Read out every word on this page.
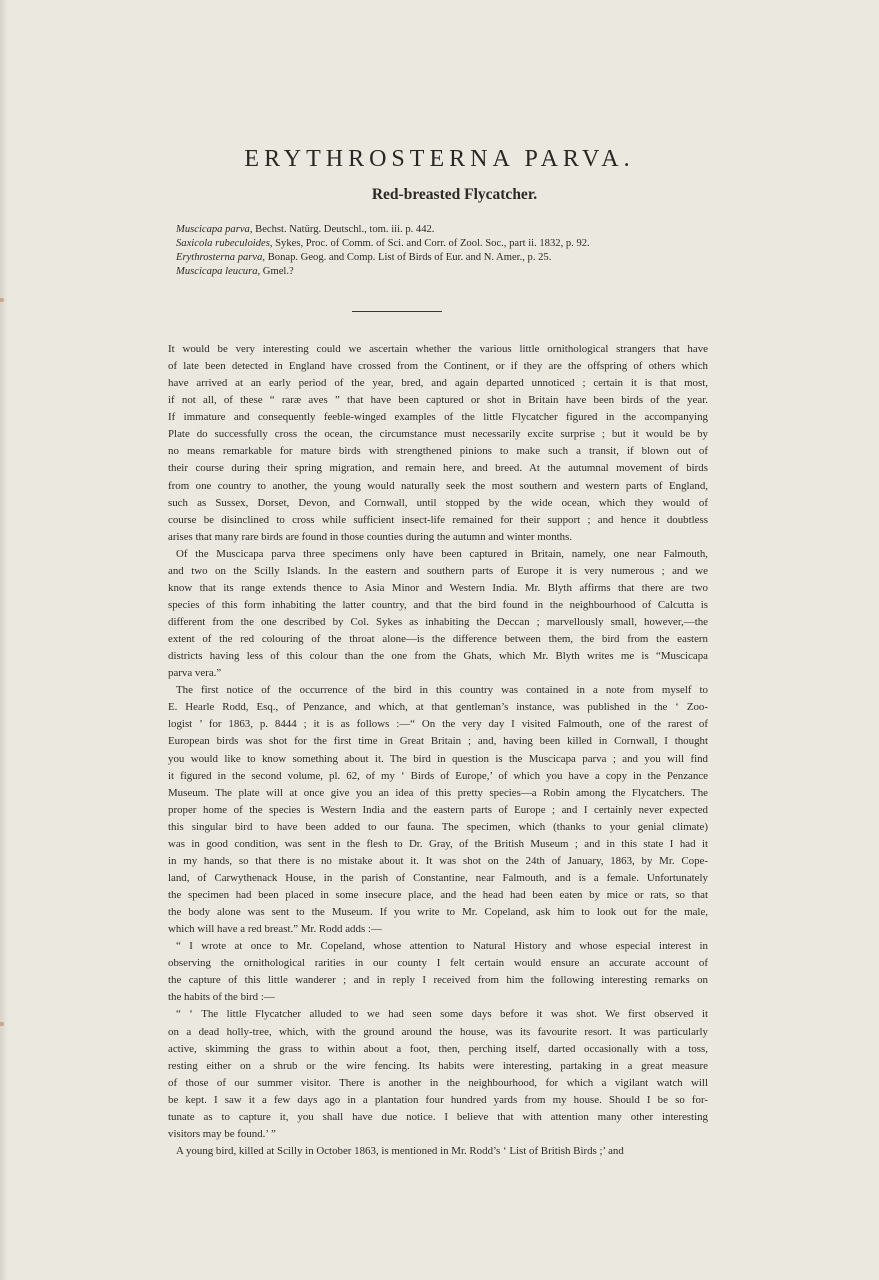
ERYTHROSTERNA PARVA.
Red-breasted Flycatcher.
Muscicapa parva, Bechst. Natürg. Deutschl., tom. iii. p. 442.
Saxicola rubeculoides, Sykes, Proc. of Comm. of Sci. and Corr. of Zool. Soc., part ii. 1832, p. 92.
Erythrosterna parva, Bonap. Geog. and Comp. List of Birds of Eur. and N. Amer., p. 25.
Muscicapa leucura, Gmel.?
It would be very interesting could we ascertain whether the various little ornithological strangers that have
of late been detected in England have crossed from the Continent, or if they are the offspring of others which
have arrived at an early period of the year, bred, and again departed unnoticed ; certain it is that most,
if not all, of these “ raræ aves ” that have been captured or shot in Britain have been birds of the year.
If immature and consequently feeble-winged examples of the little Flycatcher figured in the accompanying
Plate do successfully cross the ocean, the circumstance must necessarily excite surprise ; but it would be by
no means remarkable for mature birds with strengthened pinions to make such a transit, if blown out of
their course during their spring migration, and remain here, and breed. At the autumnal movement of birds
from one country to another, the young would naturally seek the most southern and western parts of England,
such as Sussex, Dorset, Devon, and Cornwall, until stopped by the wide ocean, which they would of
course be disinclined to cross while sufficient insect-life remained for their support ; and hence it doubtless
arises that many rare birds are found in those counties during the autumn and winter months.
Of the Muscicapa parva three specimens only have been captured in Britain, namely, one near Falmouth,
and two on the Scilly Islands. In the eastern and southern parts of Europe it is very numerous ; and we
know that its range extends thence to Asia Minor and Western India. Mr. Blyth affirms that there are two
species of this form inhabiting the latter country, and that the bird found in the neighbourhood of Calcutta is
different from the one described by Col. Sykes as inhabiting the Deccan ; marvellously small, however,—the
extent of the red colouring of the throat alone—is the difference between them, the bird from the eastern
districts having less of this colour than the one from the Ghats, which Mr. Blyth writes me is “Muscicapa
parva vera.”
The first notice of the occurrence of the bird in this country was contained in a note from myself to
E. Hearle Rodd, Esq., of Penzance, and which, at that gentleman’s instance, was published in the ‘ Zoo-
logist ’ for 1863, p. 8444 ; it is as follows :—“ On the very day I visited Falmouth, one of the rarest of
European birds was shot for the first time in Great Britain ; and, having been killed in Cornwall, I thought
you would like to know something about it. The bird in question is the Muscicapa parva ; and you will find
it figured in the second volume, pl. 62, of my ‘ Birds of Europe,’ of which you have a copy in the Penzance
Museum. The plate will at once give you an idea of this pretty species—a Robin among the Flycatchers. The
proper home of the species is Western India and the eastern parts of Europe ; and I certainly never expected
this singular bird to have been added to our fauna. The specimen, which (thanks to your genial climate)
was in good condition, was sent in the flesh to Dr. Gray, of the British Museum ; and in this state I had it
in my hands, so that there is no mistake about it. It was shot on the 24th of January, 1863, by Mr. Cope-
land, of Carwythenack House, in the parish of Constantine, near Falmouth, and is a female. Unfortunately
the specimen had been placed in some insecure place, and the head had been eaten by mice or rats, so that
the body alone was sent to the Museum. If you write to Mr. Copeland, ask him to look out for the male,
which will have a red breast.” Mr. Rodd adds :—
“ I wrote at once to Mr. Copeland, whose attention to Natural History and whose especial interest in
observing the ornithological rarities in our county I felt certain would ensure an accurate account of
the capture of this little wanderer ; and in reply I received from him the following interesting remarks on
the habits of the bird :—
“ ‘ The little Flycatcher alluded to we had seen some days before it was shot. We first observed it
on a dead holly-tree, which, with the ground around the house, was its favourite resort. It was particularly
active, skimming the grass to within about a foot, then, perching itself, darted occasionally with a toss,
resting either on a shrub or the wire fencing. Its habits were interesting, partaking in a great measure
of those of our summer visitor. There is another in the neighbourhood, for which a vigilant watch will
be kept. I saw it a few days ago in a plantation four hundred yards from my house. Should I be so for-
tunate as to capture it, you shall have due notice. I believe that with attention many other interesting
visitors may be found.’ ”
A young bird, killed at Scilly in October 1863, is mentioned in Mr. Rodd’s ‘ List of British Birds ;’ and
